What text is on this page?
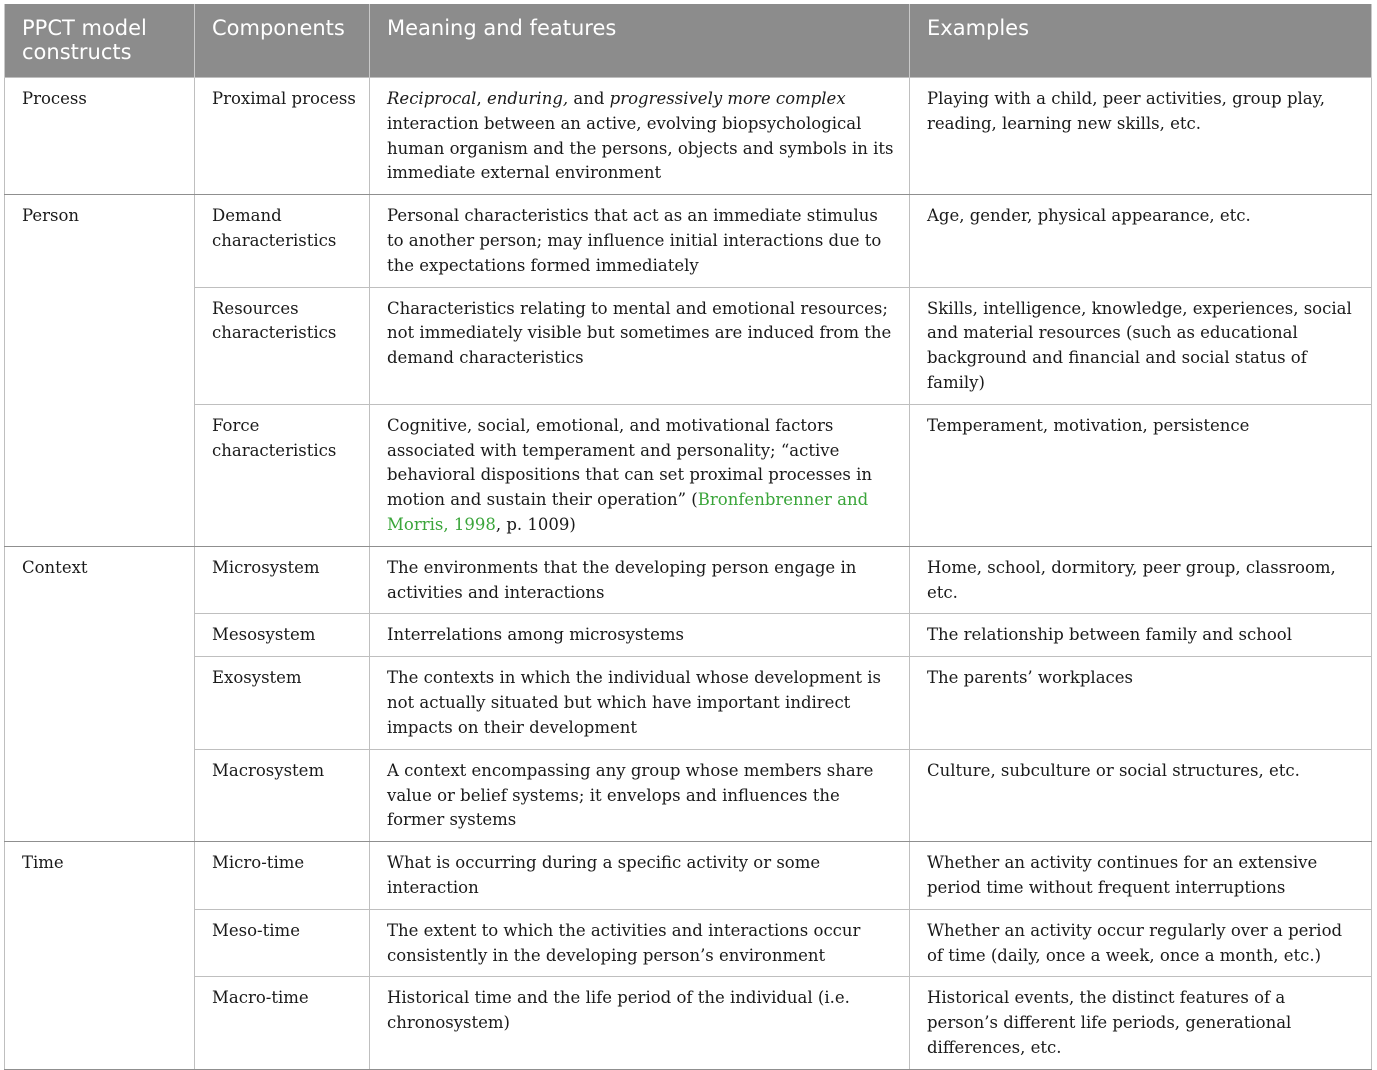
PPCT model constructs	Components	Meaning and features	Examples
Process	Proximal process	Reciprocal, enduring, and progressively more complex interaction between an active, evolving biopsychological human organism and the persons, objects and symbols in its immediate external environment	Playing with a child, peer activities, group play, reading, learning new skills, etc.
Person	Demand characteristics	Personal characteristics that act as an immediate stimulus to another person; may influence initial interactions due to the expectations formed immediately	Age, gender, physical appearance, etc.
	Resources characteristics	Characteristics relating to mental and emotional resources; not immediately visible but sometimes are induced from the demand characteristics	Skills, intelligence, knowledge, experiences, social and material resources (such as educational background and financial and social status of family)
	Force characteristics	Cognitive, social, emotional, and motivational factors associated with temperament and personality; “active behavioral dispositions that can set proximal processes in motion and sustain their operation” (Bronfenbrenner and Morris, 1998, p. 1009)	Temperament, motivation, persistence
Context	Microsystem	The environments that the developing person engage in activities and interactions	Home, school, dormitory, peer group, classroom, etc.
	Mesosystem	Interrelations among microsystems	The relationship between family and school
	Exosystem	The contexts in which the individual whose development is not actually situated but which have important indirect impacts on their development	The parents’ workplaces
	Macrosystem	A context encompassing any group whose members share value or belief systems; it envelops and influences the former systems	Culture, subculture or social structures, etc.
Time	Micro-time	What is occurring during a specific activity or some interaction	Whether an activity continues for an extensive period time without frequent interruptions
	Meso-time	The extent to which the activities and interactions occur consistently in the developing person’s environment	Whether an activity occur regularly over a period of time (daily, once a week, once a month, etc.)
	Macro-time	Historical time and the life period of the individual (i.e. chronosystem)	Historical events, the distinct features of a person’s different life periods, generational differences, etc.
